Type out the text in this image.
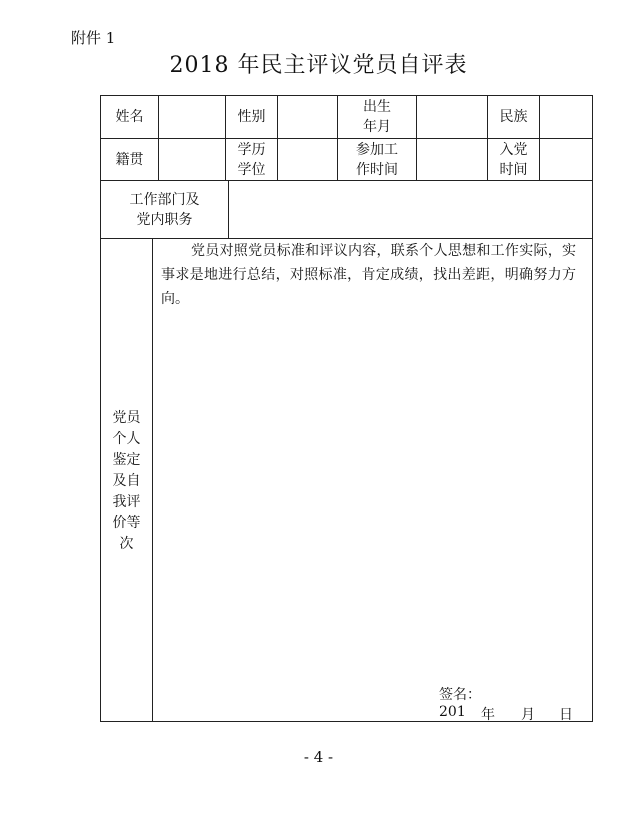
附件 1
2018 年民主评议党员自评表
姓名	性别
出生
年月
民族
籍贯
学历
学位
参加工
作时间
入党
时间
工作部门及
党内职务
党员
个人
鉴定
及自
我评
价等
次
党员对照党员标准和评议内容，联系个人思想和工作实际，实事求是地进行总结，对照标准，肯定成绩，找出差距，明确努力方向。
签名：
201 年 月 日
- 4 -
